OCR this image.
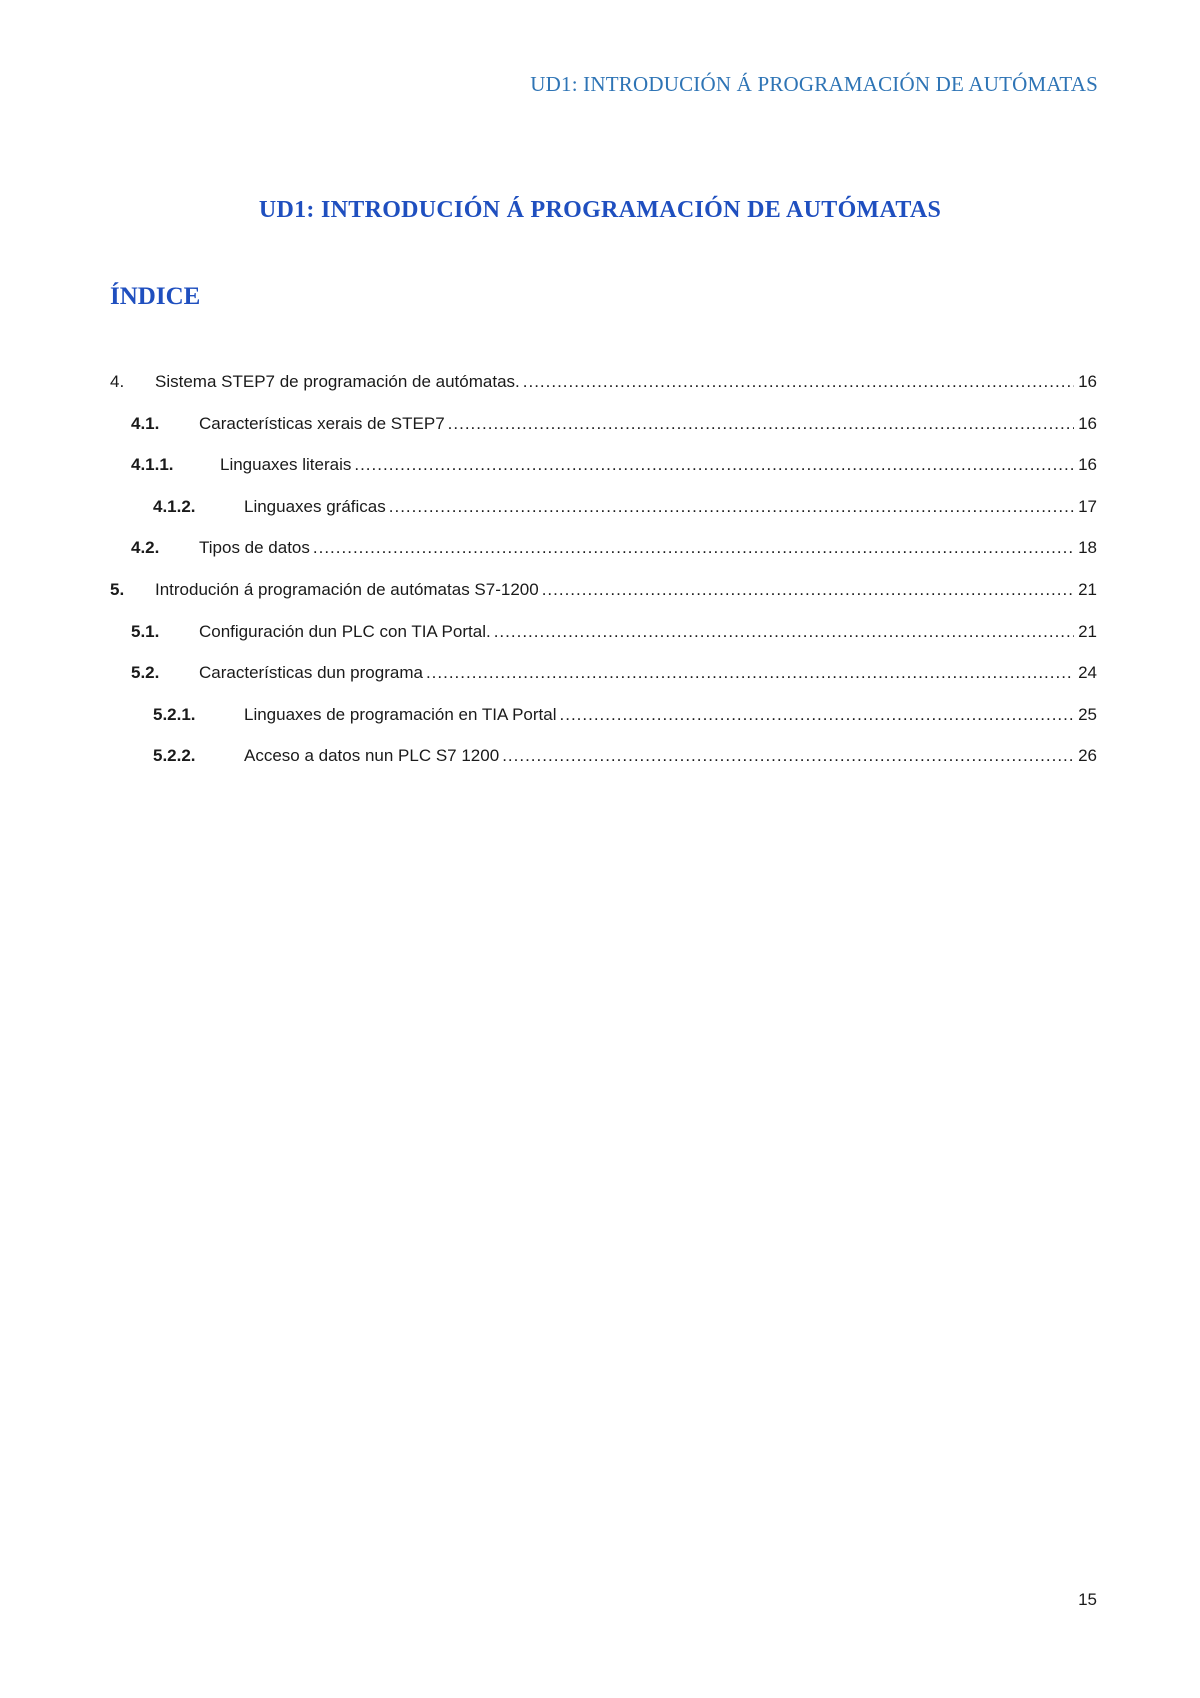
UD1: INTRODUCIÓN Á PROGRAMACIÓN DE AUTÓMATAS
UD1: INTRODUCIÓN Á PROGRAMACIÓN DE AUTÓMATAS
ÍNDICE
4.	Sistema STEP7 de programación de autómatas. .....	16
4.1.	Características xerais de STEP7 .....	16
4.1.1.	Linguaxes literais .....	16
4.1.2.	Linguaxes gráficas .....	17
4.2.	Tipos de datos .....	18
5.	Introdución á programación de autómatas S7-1200 .....	21
5.1.	Configuración dun PLC con TIA Portal. .....	21
5.2.	Características dun programa .....	24
5.2.1.	Linguaxes de programación en TIA Portal .....	25
5.2.2.	Acceso a datos nun PLC S7 1200 .....	26
15
